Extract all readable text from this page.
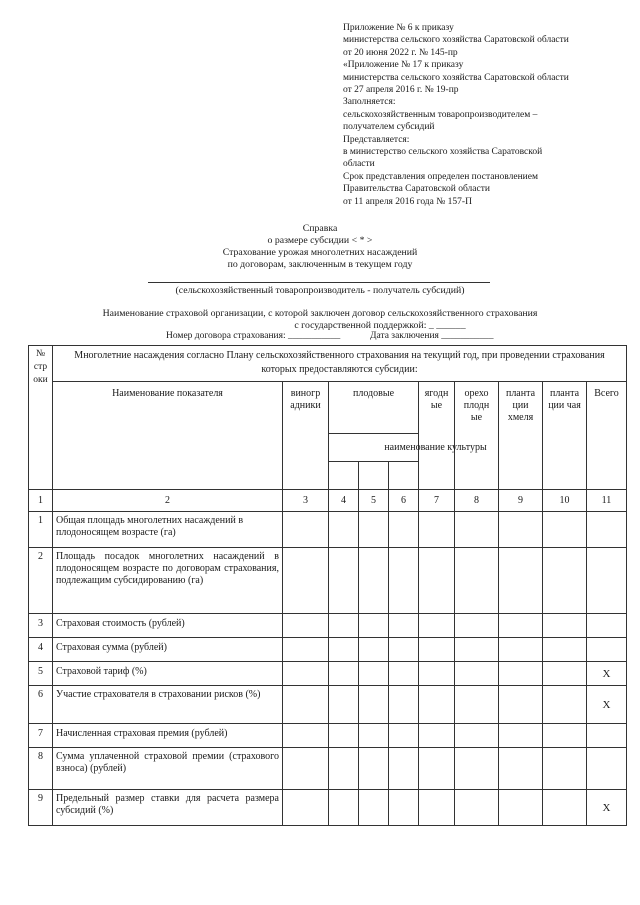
Приложение № 6 к приказу
министерства сельского хозяйства Саратовской области
от 20 июня 2022 г. № 145-пр
«Приложение № 17 к приказу
министерства сельского хозяйства Саратовской области
от 27 апреля 2016 г. № 19-пр
Заполняется:
сельскохозяйственным товаропроизводителем –
получателем субсидий
Представляется:
в министерство сельского хозяйства Саратовской
области
Срок представления определен постановлением
Правительства Саратовской области
от 11 апреля 2016 года № 157-П
Справка
о размере субсидии < * >
Страхование урожая многолетних насаждений
по договорам, заключенным в текущем году
(сельскохозяйственный товаропроизводитель - получатель субсидий)
Наименование страховой организации, с которой заключен договор сельскохозяйственного страхования
с государственной поддержкой: _ ______
Номер договора страхования: ___________	Дата заключения ___________
№ стр оки	Многолетние насаждения согласно Плану сельскохозяйственного страхования на текущий год, при проведении страхования которых предоставляются субсидии:									
	Наименование показателя	виногр адники	плодовые			ягодн ые	орехо плодн ые	планта ции хмеля	планта ции чая	Всего
			наименование культуры							

1	2	3	4	5	6	7	8	9	10	11
1	Общая площадь многолетних насаждений в плодоносящем возрасте (га)									
2	Площадь посадок многолетних насаждений в плодоносящем возрасте по договорам страхования, подлежащим субсидированию (га)									
3	Страховая стоимость (рублей)									
4	Страховая сумма (рублей)									
5	Страховой тариф (%)									Х
6	Участие страхователя в страховании рисков (%)									Х
7	Начисленная страховая премия (рублей)									
8	Сумма уплаченной страховой премии (страхового взноса) (рублей)									
9	Предельный размер ставки для расчета размера субсидий (%)									Х
